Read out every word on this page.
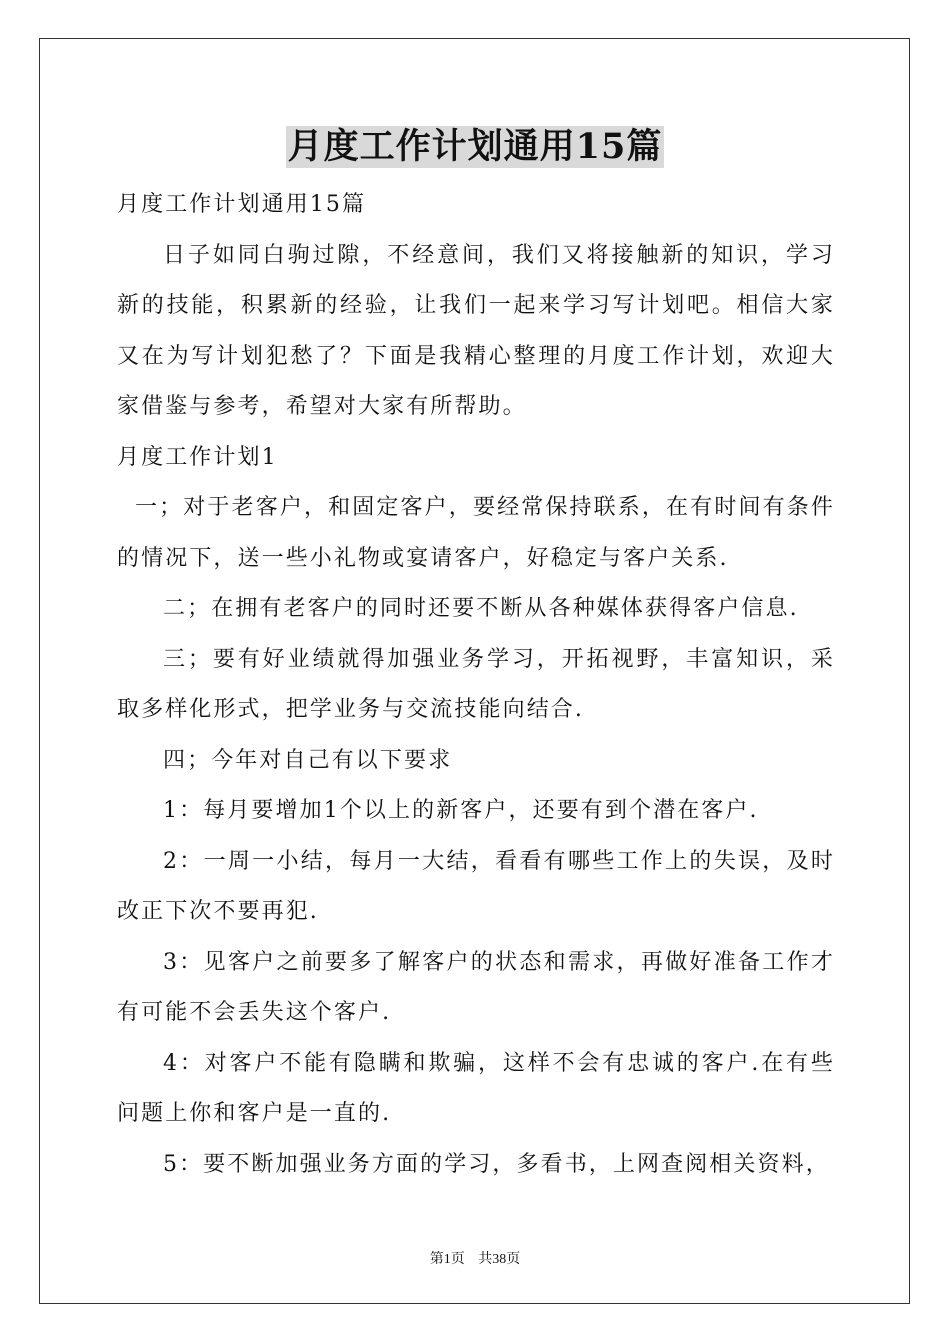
月度工作计划通用15篇

月度工作计划通用15篇

日子如同白驹过隙，不经意间，我们又将接触新的知识，学习新的技能，积累新的经验，让我们一起来学习写计划吧。相信大家又在为写计划犯愁了？下面是我精心整理的月度工作计划，欢迎大家借鉴与参考，希望对大家有所帮助。

月度工作计划1

一；对于老客户，和固定客户，要经常保持联系，在有时间有条件的情况下，送一些小礼物或宴请客户，好稳定与客户关系.

二；在拥有老客户的同时还要不断从各种媒体获得客户信息.

三；要有好业绩就得加强业务学习，开拓视野，丰富知识，采取多样化形式，把学业务与交流技能向结合.

四；今年对自己有以下要求

1：每月要增加1个以上的新客户，还要有到个潜在客户.

2：一周一小结，每月一大结，看看有哪些工作上的失误，及时改正下次不要再犯.

3：见客户之前要多了解客户的状态和需求，再做好准备工作才有可能不会丢失这个客户.

4：对客户不能有隐瞒和欺骗，这样不会有忠诚的客户.在有些问题上你和客户是一直的.

5：要不断加强业务方面的学习，多看书，上网查阅相关资料，

第1页 共38页
